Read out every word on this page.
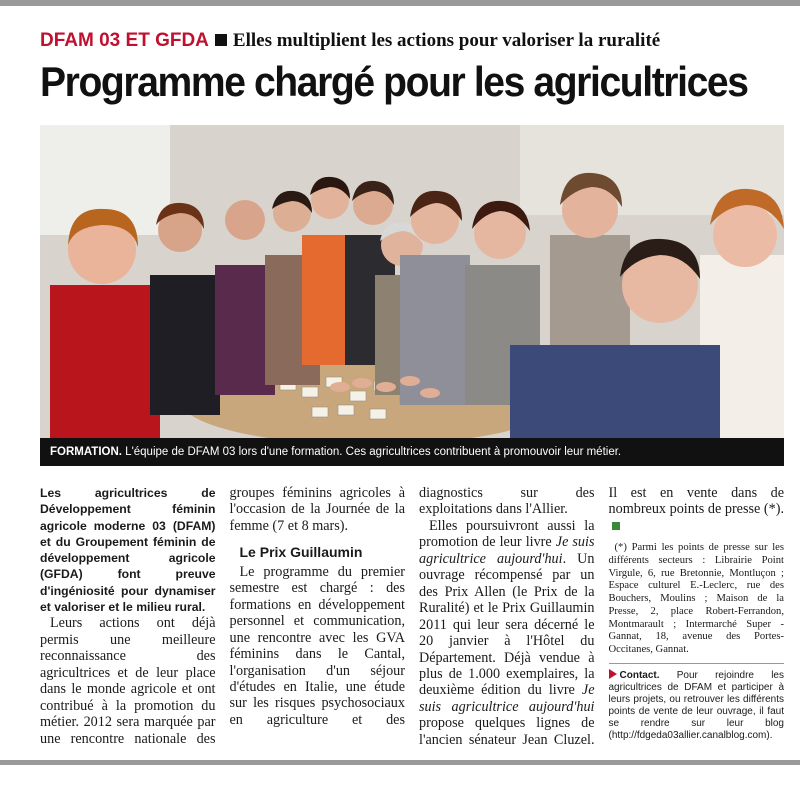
DFAM 03 ET GFDA Elles multiplient les actions pour valoriser la ruralité
Programme chargé pour les agricultrices
FORMATION. L'équipe de DFAM 03 lors d'une formation. Ces agricultrices contribuent à promouvoir leur métier.

Les agricultrices de Développement féminin agricole moderne 03 (DFAM) et du Groupement féminin de développement agricole (GFDA) font preuve d'ingéniosité pour dynamiser et valoriser et le milieu rural.

Leurs actions ont déjà permis une meilleure reconnaissance des agricultrices et de leur place dans le monde agricole et ont contribué à la promotion du métier. 2012 sera marquée par une rencontre nationale des groupes féminins agricoles à l'occasion de la Journée de la femme (7 et 8 mars).

Le Prix Guillaumin

Le programme du premier semestre est chargé : des formations en développement personnel et communication, une rencontre avec les GVA féminins dans le Cantal, l'organisation d'un séjour d'études en Italie, une étude sur les risques psychosociaux en agriculture et des diagnostics sur des exploitations dans l'Allier.

Elles poursuivront aussi la promotion de leur livre Je suis agricultrice aujourd'hui. Un ouvrage récompensé par un des Prix Allen (le Prix de la Ruralité) et le Prix Guillaumin 2011 qui leur sera décerné le 20 janvier à l'Hôtel du Département. Déjà vendue à plus de 1.000 exemplaires, la deuxième édition du livre Je suis agricultrice aujourd'hui propose quelques lignes de l'ancien sénateur Jean Cluzel. Il est en vente dans de nombreux points de presse (*).

(*) Parmi les points de presse sur les différents secteurs : Librairie Point Virgule, 6, rue Bretonnie, Montluçon ; Espace culturel E.-Leclerc, rue des Bouchers, Moulins ; Maison de la Presse, 2, place Robert-Ferrandon, Montmarault ; Intermarché Super - Gannat, 18, avenue des Portes-Occitanes, Gannat.

Contact. Pour rejoindre les agricultrices de DFAM et participer à leurs projets, ou retrouver les différents points de vente de leur ouvrage, il faut se rendre sur leur blog (http://fdgeda03allier.canalblog.com).
